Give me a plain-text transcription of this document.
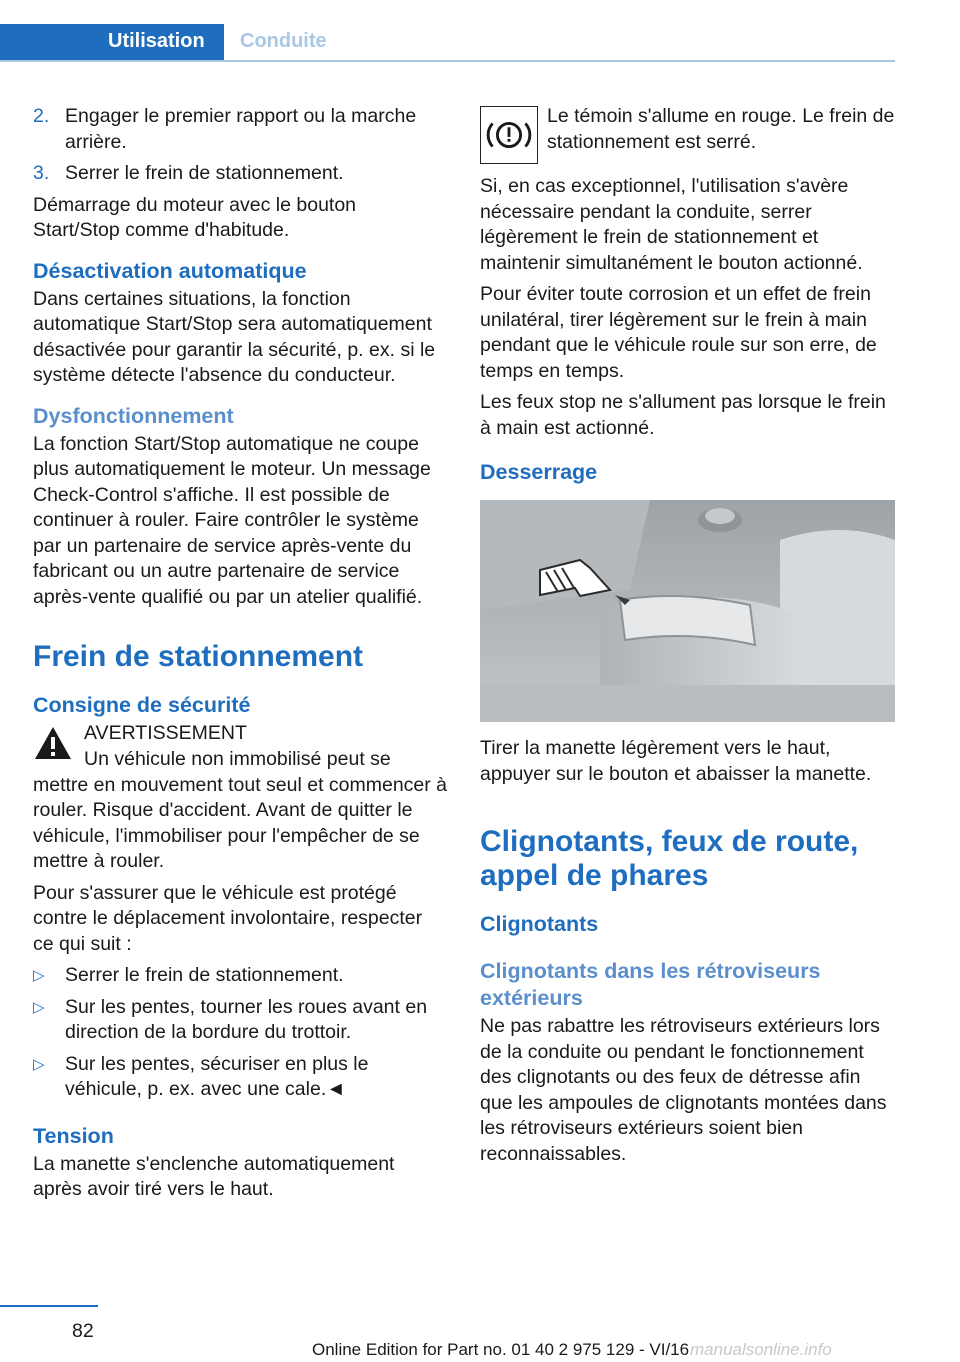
Utilisation Conduite
2. Engager le premier rapport ou la marche arrière.
3. Serrer le frein de stationnement.

Démarrage du moteur avec le bouton Start/Stop comme d'habitude.

Désactivation automatique

Dans certaines situations, la fonction automatique Start/Stop sera automatiquement désactivée pour garantir la sécurité, p. ex. si le système détecte l'absence du conducteur.

Dysfonctionnement

La fonction Start/Stop automatique ne coupe plus automatiquement le moteur. Un message Check-Control s'affiche. Il est possible de continuer à rouler. Faire contrôler le système par un partenaire de service après-vente du fabricant ou un autre partenaire de service après-vente qualifié ou par un atelier qualifié.

Frein de stationnement
Consigne de sécurité
AVERTISSEMENT

Un véhicule non immobilisé peut se mettre en mouvement tout seul et commencer à rouler. Risque d'accident. Avant de quitter le véhicule, l'immobiliser pour l'empêcher de se mettre à rouler.

Pour s'assurer que le véhicule est protégé contre le déplacement involontaire, respecter ce qui suit :

▷	Serrer le frein de stationnement.
▷	Sur les pentes, tourner les roues avant en direction de la bordure du trottoir.
▷	Sur les pentes, sécuriser en plus le véhicule, p. ex. avec une cale.◄
Tension

La manette s'enclenche automatiquement après avoir tiré vers le haut.

Le témoin s'allume en rouge. Le frein de stationnement est serré.

Si, en cas exceptionnel, l'utilisation s'avère nécessaire pendant la conduite, serrer légèrement le frein de stationnement et maintenir simultanément le bouton actionné.

Pour éviter toute corrosion et un effet de frein unilatéral, tirer légèrement sur le frein à main pendant que le véhicule roule sur son erre, de temps en temps.

Les feux stop ne s'allument pas lorsque le frein à main est actionné.

Desserrage

Tirer la manette légèrement vers le haut, appuyer sur le bouton et abaisser la manette.

Clignotants, feux de route, appel de phares
Clignotants
Clignotants dans les rétroviseurs extérieurs

Ne pas rabattre les rétroviseurs extérieurs lors de la conduite ou pendant le fonctionnement des clignotants ou des feux de détresse afin que les ampoules de clignotants montées dans les rétroviseurs extérieurs soient bien reconnaissables.

82
Online Edition for Part no. 01 40 2 975 129 - VI/16 manualsonline.info
